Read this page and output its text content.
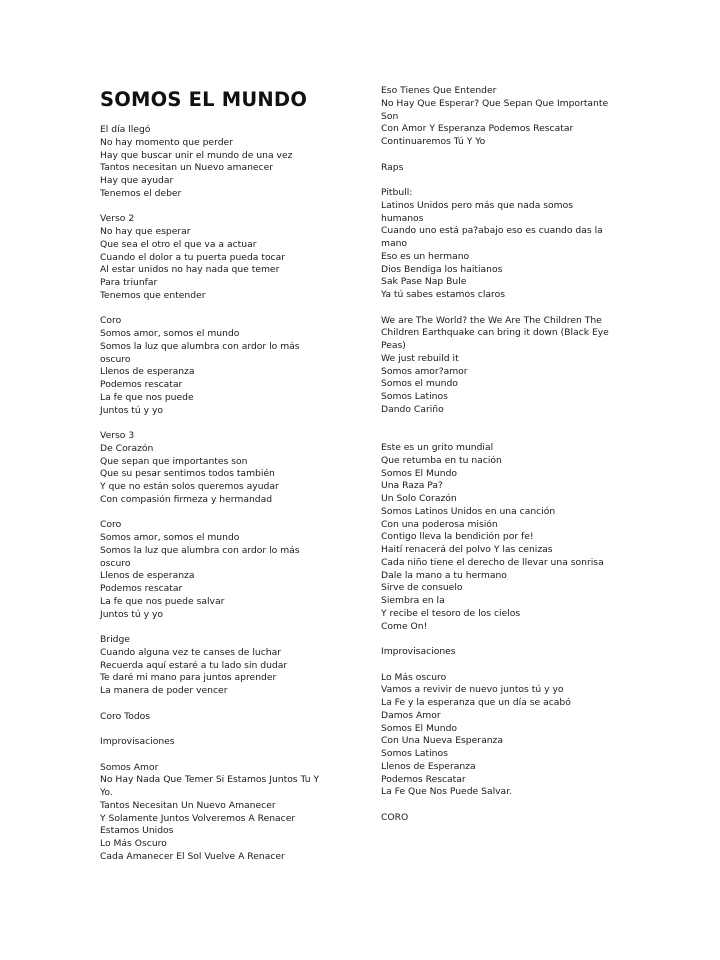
SOMOS EL MUNDO
El día llegó
No hay momento que perder
Hay que buscar unir el mundo de una vez
Tantos necesitan un Nuevo amanecer
Hay que ayudar
Tenemos el deber
Verso 2
No hay que esperar
Que sea el otro el que va a actuar
Cuando el dolor a tu puerta pueda tocar
Al estar unidos no hay nada que temer
Para triunfar
Tenemos que entender
Coro
Somos amor, somos el mundo
Somos la luz que alumbra con ardor lo más
oscuro
Llenos de esperanza
Podemos rescatar
La fe que nos puede
Juntos tú y yo
Verso 3
De Corazón
Que sepan que importantes son
Que su pesar sentimos todos también
Y que no están solos queremos ayudar
Con compasión firmeza y hermandad
Coro
Somos amor, somos el mundo
Somos la luz que alumbra con ardor lo más
oscuro
Llenos de esperanza
Podemos rescatar
La fe que nos puede salvar
Juntos tú y yo
Bridge
Cuando alguna vez te canses de luchar
Recuerda aquí estaré a tu lado sin dudar
Te daré mi mano para juntos aprender
La manera de poder vencer
Coro Todos
Improvisaciones
Somos Amor
No Hay Nada Que Temer Si Estamos Juntos Tu Y
Yo.
Tantos Necesitan Un Nuevo Amanecer
Y Solamente Juntos Volveremos A Renacer
Estamos Unidos
Lo Más Oscuro
Cada Amanecer El Sol Vuelve A Renacer
Eso Tienes Que Entender
No Hay Que Esperar? Que Sepan Que Importante
Son
Con Amor Y Esperanza Podemos Rescatar
Continuaremos Tú Y Yo
Raps
Pitbull:
Latinos Unidos pero más que nada somos
humanos
Cuando uno está pa?abajo eso es cuando das la
mano
Eso es un hermano
Dios Bendiga los haitianos
Sak Pase Nap Bule
Ya tú sabes estamos claros
We are The World? the We Are The Children The
Children Earthquake can bring it down (Black Eye
Peas)
We just rebuild it
Somos amor?amor
Somos el mundo
Somos Latinos
Dando Cariño
Este es un grito mundial
Que retumba en tu nación
Somos El Mundo
Una Raza Pa?
Un Solo Corazón
Somos Latinos Unidos en una canción
Con una poderosa misión
Contigo lleva la bendición por fe!
Haití renacerá del polvo Y las cenizas
Cada niño tiene el derecho de llevar una sonrisa
Dale la mano a tu hermano
Sirve de consuelo
Siembra en la
Y recibe el tesoro de los cielos
Come On!
Improvisaciones
Lo Más oscuro
Vamos a revivir de nuevo juntos tú y yo
La Fe y la esperanza que un día se acabó
Damos Amor
Somos El Mundo
Con Una Nueva Esperanza
Somos Latinos
Llenos de Esperanza
Podemos Rescatar
La Fe Que Nos Puede Salvar.
CORO
